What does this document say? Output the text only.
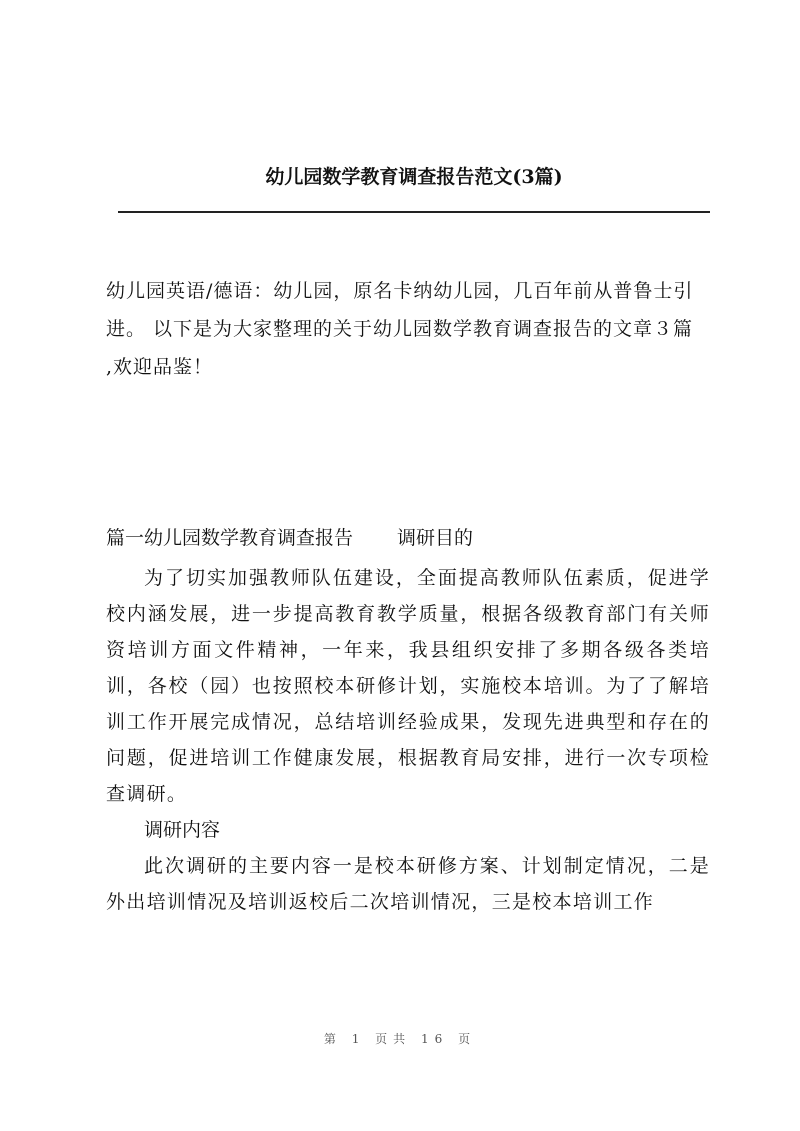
幼儿园数学教育调查报告范文(3篇)

幼儿园英语/德语：幼儿园，原名卡纳幼儿园，几百年前从普鲁士引进。 以下是为大家整理的关于幼儿园数学教育调查报告的文章３篇 ,欢迎品鉴！

篇一幼儿园数学教育调查报告 调研目的

为了切实加强教师队伍建设，全面提高教师队伍素质，促进学校内涵发展，进一步提高教育教学质量，根据各级教育部门有关师资培训方面文件精神，一年来，我县组织安排了多期各级各类培训，各校（园）也按照校本研修计划，实施校本培训。为了了解培训工作开展完成情况，总结培训经验成果，发现先进典型和存在的问题，促进培训工作健康发展，根据教育局安排，进行一次专项检查调研。

调研内容

此次调研的主要内容一是校本研修方案、计划制定情况，二是外出培训情况及培训返校后二次培训情况，三是校本培训工作

第 1 页共 16 页
